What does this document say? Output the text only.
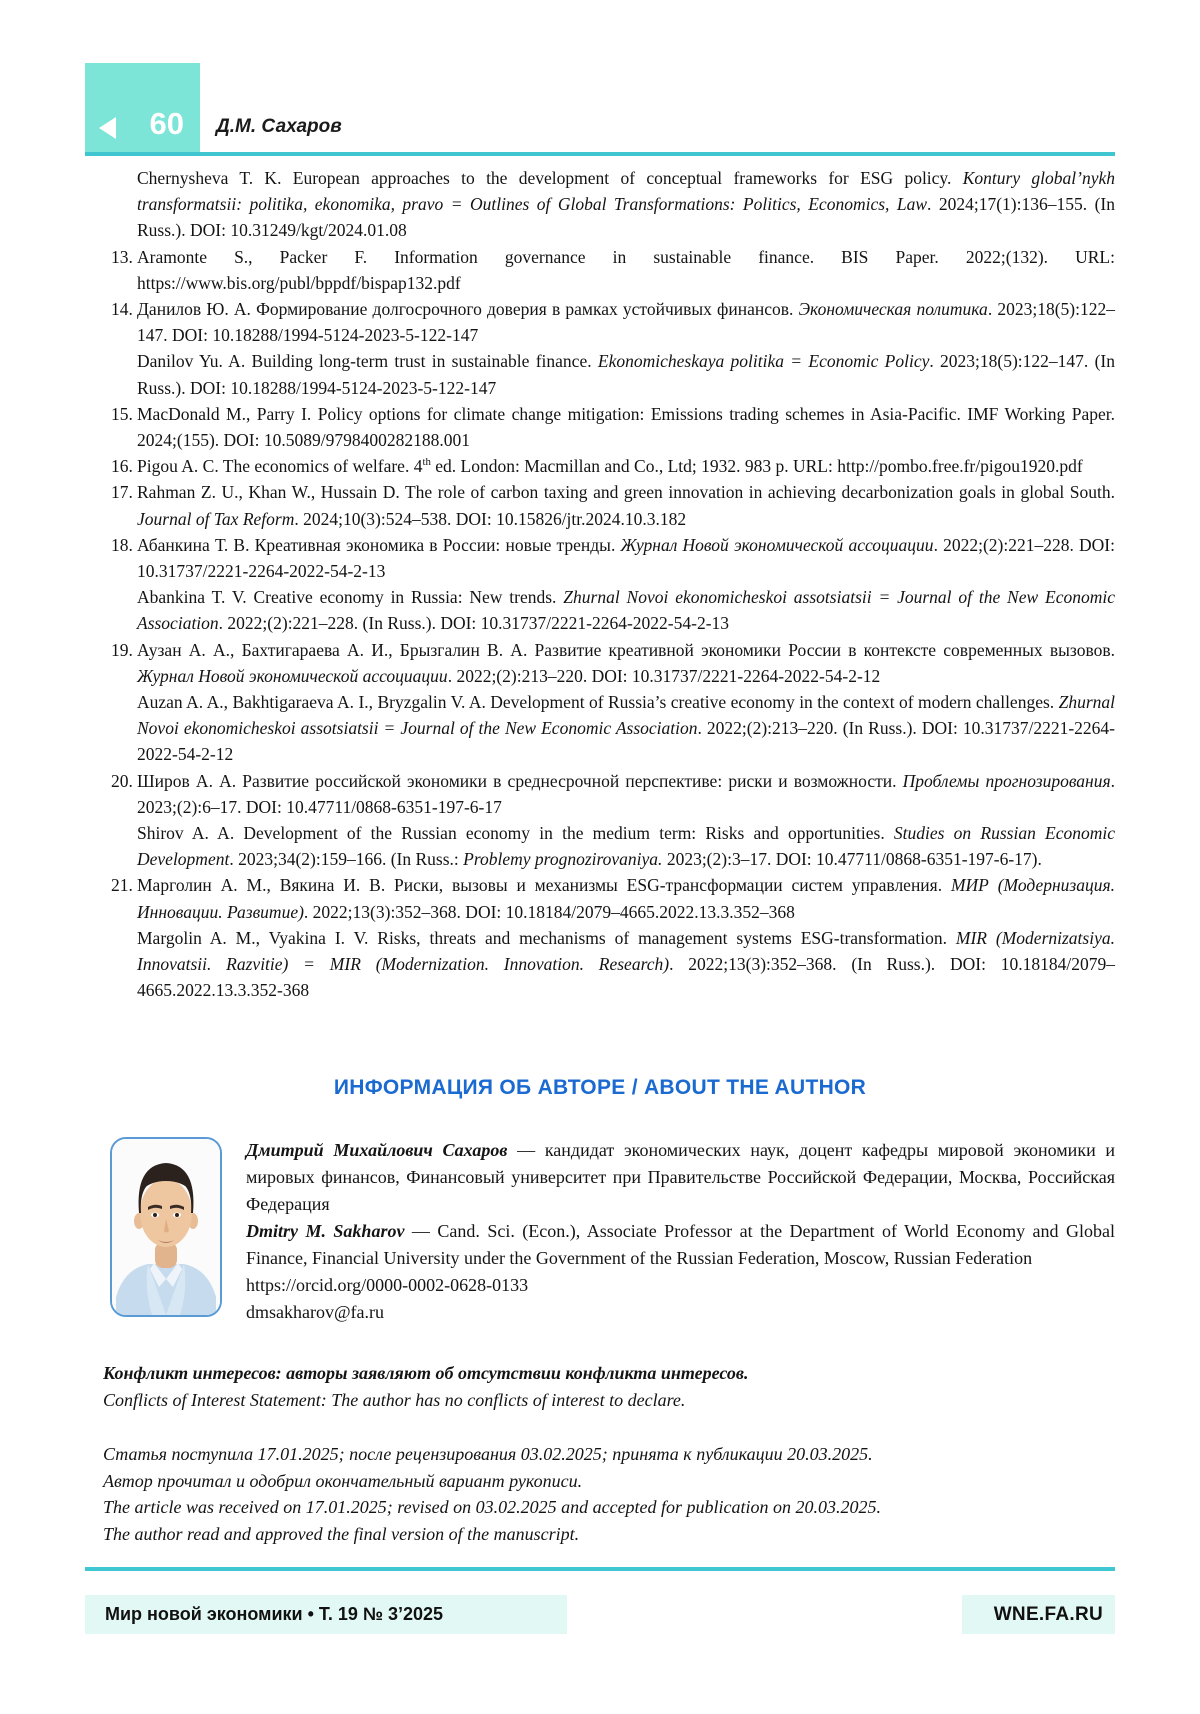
60 Д.М. Сахаров
Chernysheva T. K. European approaches to the development of conceptual frameworks for ESG policy. Kontury global’nykh transformatsii: politika, ekonomika, pravo = Outlines of Global Transformations: Politics, Economics, Law. 2024;17(1):136–155. (In Russ.). DOI: 10.31249/kgt/2024.01.08
13. Aramonte S., Packer F. Information governance in sustainable finance. BIS Paper. 2022;(132). URL: https://www.bis.org/publ/bppdf/bispap132.pdf
14. Данилов Ю. А. Формирование долгосрочного доверия в рамках устойчивых финансов. Экономическая политика. 2023;18(5):122–147. DOI: 10.18288/1994-5124-2023-5-122-147
Danilov Yu. A. Building long-term trust in sustainable finance. Ekonomicheskaya politika = Economic Policy. 2023;18(5):122–147. (In Russ.). DOI: 10.18288/1994-5124-2023-5-122-147
15. MacDonald M., Parry I. Policy options for climate change mitigation: Emissions trading schemes in Asia-Pacific. IMF Working Paper. 2024;(155). DOI: 10.5089/9798400282188.001
16. Pigou A. C. The economics of welfare. 4th ed. London: Macmillan and Co., Ltd; 1932. 983 p. URL: http://pombo.free.fr/pigou1920.pdf
17. Rahman Z. U., Khan W., Hussain D. The role of carbon taxing and green innovation in achieving decarbonization goals in global South. Journal of Tax Reform. 2024;10(3):524–538. DOI: 10.15826/jtr.2024.10.3.182
18. Абанкина Т. В. Креативная экономика в России: новые тренды. Журнал Новой экономической ассоциации. 2022;(2):221–228. DOI: 10.31737/2221-2264-2022-54-2-13
Abankina T. V. Creative economy in Russia: New trends. Zhurnal Novoi ekonomicheskoi assotsiatsii = Journal of the New Economic Association. 2022;(2):221–228. (In Russ.). DOI: 10.31737/2221-2264-2022-54-2-13
19. Аузан А. А., Бахтигараева А. И., Брызгалин В. А. Развитие креативной экономики России в контексте современных вызовов. Журнал Новой экономической ассоциации. 2022;(2):213–220. DOI: 10.31737/2221-2264-2022-54-2-12
Auzan A. A., Bakhtigaraeva A. I., Bryzgalin V. A. Development of Russia’s creative economy in the context of modern challenges. Zhurnal Novoi ekonomicheskoi assotsiatsii = Journal of the New Economic Association. 2022;(2):213–220. (In Russ.). DOI: 10.31737/2221-2264-2022-54-2-12
20. Широв А. А. Развитие российской экономики в среднесрочной перспективе: риски и возможности. Проблемы прогнозирования. 2023;(2):6–17. DOI: 10.47711/0868-6351-197-6-17
Shirov A. A. Development of the Russian economy in the medium term: Risks and opportunities. Studies on Russian Economic Development. 2023;34(2):159–166. (In Russ.: Problemy prognozirovaniya. 2023;(2):3–17. DOI: 10.47711/0868-6351-197-6-17).
21. Марголин А. М., Вякина И. В. Риски, вызовы и механизмы ESG-трансформации систем управления. МИР (Модернизация. Инновации. Развитие). 2022;13(3):352–368. DOI: 10.18184/2079–4665.2022.13.3.352–368
Margolin A. M., Vyakina I. V. Risks, threats and mechanisms of management systems ESG-transformation. MIR (Modernizatsiya. Innovatsii. Razvitie) = MIR (Modernization. Innovation. Research). 2022;13(3):352–368. (In Russ.). DOI: 10.18184/2079–4665.2022.13.3.352-368
ИНФОРМАЦИЯ ОБ АВТОРЕ / ABOUT THE AUTHOR
Дмитрий Михайлович Сахаров — кандидат экономических наук, доцент кафедры мировой экономики и мировых финансов, Финансовый университет при Правительстве Российской Федерации, Москва, Российская Федерация
Dmitry M. Sakharov — Cand. Sci. (Econ.), Associate Professor at the Department of World Economy and Global Finance, Financial University under the Government of the Russian Federation, Moscow, Russian Federation
https://orcid.org/0000-0002-0628-0133
dmsakharov@fa.ru
Конфликт интересов: авторы заявляют об отсутствии конфликта интересов.
Conflicts of Interest Statement: The author has no conflicts of interest to declare.
Статья поступила 17.01.2025; после рецензирования 03.02.2025; принята к публикации 20.03.2025.
Автор прочитал и одобрил окончательный вариант рукописи.
The article was received on 17.01.2025; revised on 03.02.2025 and accepted for publication on 20.03.2025.
The author read and approved the final version of the manuscript.
Мир новой экономики • Т. 19 № 3’2025	WNE.FA.RU
